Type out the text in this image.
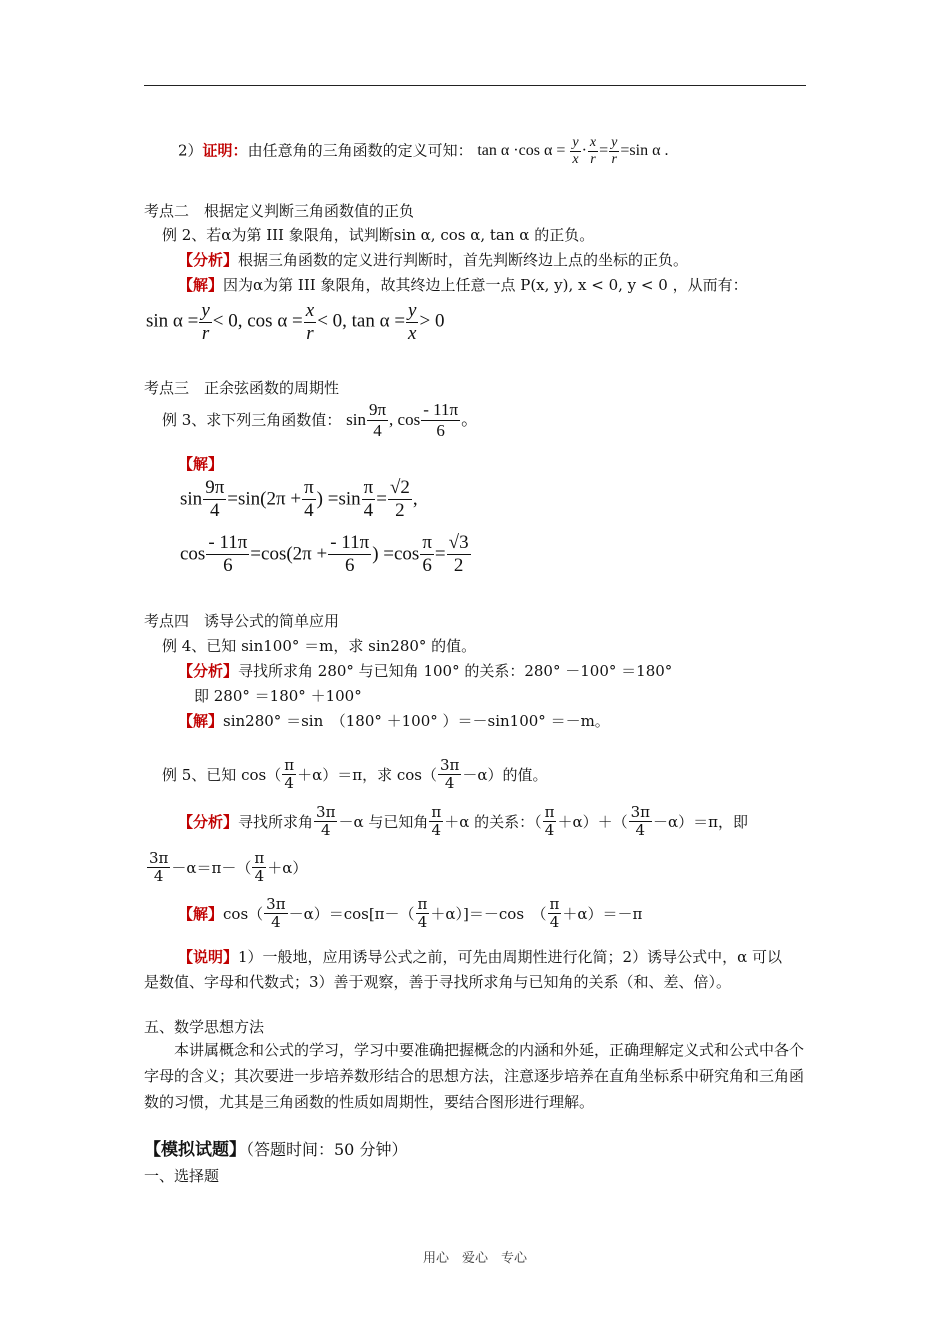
2）证明：由任意角的三角函数的定义可知： tan α ·cos $\alpha = \frac{y}{x} \cdot \frac{x}{r} = \frac{y}{r} =\sin$ α .
考点二　根据定义判断三角函数值的正负
例 2、若α为第 III 象限角，试判断sin α, cos α, tan α 的正负。
【分析】根据三角函数的定义进行判断时，首先判断终边上点的坐标的正负。
【解】因为α为第 III 象限角，故其终边上任意一点 P(x, y), x < 0, y < 0 ，从而有：
$\sin \alpha = \frac{y}{r} < 0$, $\cos \alpha = \frac{x}{r} < 0$, $\tan \alpha = \frac{y}{x} > 0$
考点三　正余弦函数的周期性
例 3、求下列三角函数值： $\sin \frac{9\pi}{4}$ , $\cos \frac{- 11\pi}{6}$ 。
【解】
$\sin \frac{9\pi}{4} =\sin(2\pi + \frac{\pi}{4}$ ) $=\sin \frac{\pi}{4} = \frac{√2}{2}$ ,
$\cos \frac{- 11\pi}{6} =\cos(2\pi + \frac{- 11\pi}{6}$ ) $=\cos \frac{\pi}{6} = \frac{√3}{2}$
考点四　诱导公式的简单应用
例 4、已知 sin100° ＝m，求 sin280° 的值。
【分析】寻找所求角 280° 与已知角 100° 的关系：280° －100° ＝180°
即 280° ＝180° ＋100°
【解】sin280° ＝sin　（180° ＋100° ）＝－sin100° ＝－m。
例 5、已知 $\cos( \frac{\pi}{4} +\alpha)=\pi$，求 $\cos( \frac{3\pi}{4} -\alpha)$的值。
【分析】寻找所求角 $\frac{3\pi}{4} -\alpha$ 与已知角 $\frac{\pi}{4} +\alpha$ 的关系：（ $\frac{\pi}{4} +\alpha)+( \frac{3\pi}{4} -\alpha)=\pi$，即
$\frac{3\pi}{4} -\alpha=\pi-( \frac{\pi}{4} +\alpha)$
【解】$\cos( \frac{3\pi}{4} -\alpha)=\cos[\pi-( \frac{\pi}{4} +\alpha)]=-\cos$　（ $\frac{\pi}{4} +\alpha)=-\pi$
【说明】1）一般地，应用诱导公式之前，可先由周期性进行化简；2）诱导公式中，α 可以
是数值、字母和代数式；3）善于观察，善于寻找所求角与已知角的关系（和、差、倍）。
五、数学思想方法
本讲属概念和公式的学习，学习中要准确把握概念的内涵和外延，正确理解定义式和公式中各个字母的含义；其次要进一步培养数形结合的思想方法，注意逐步培养在直角坐标系中研究角和三角函数的习惯，尤其是三角函数的性质如周期性，要结合图形进行理解。
【模拟试题】（答题时间：50 分钟）
一、选择题
用心　爱心　专心
